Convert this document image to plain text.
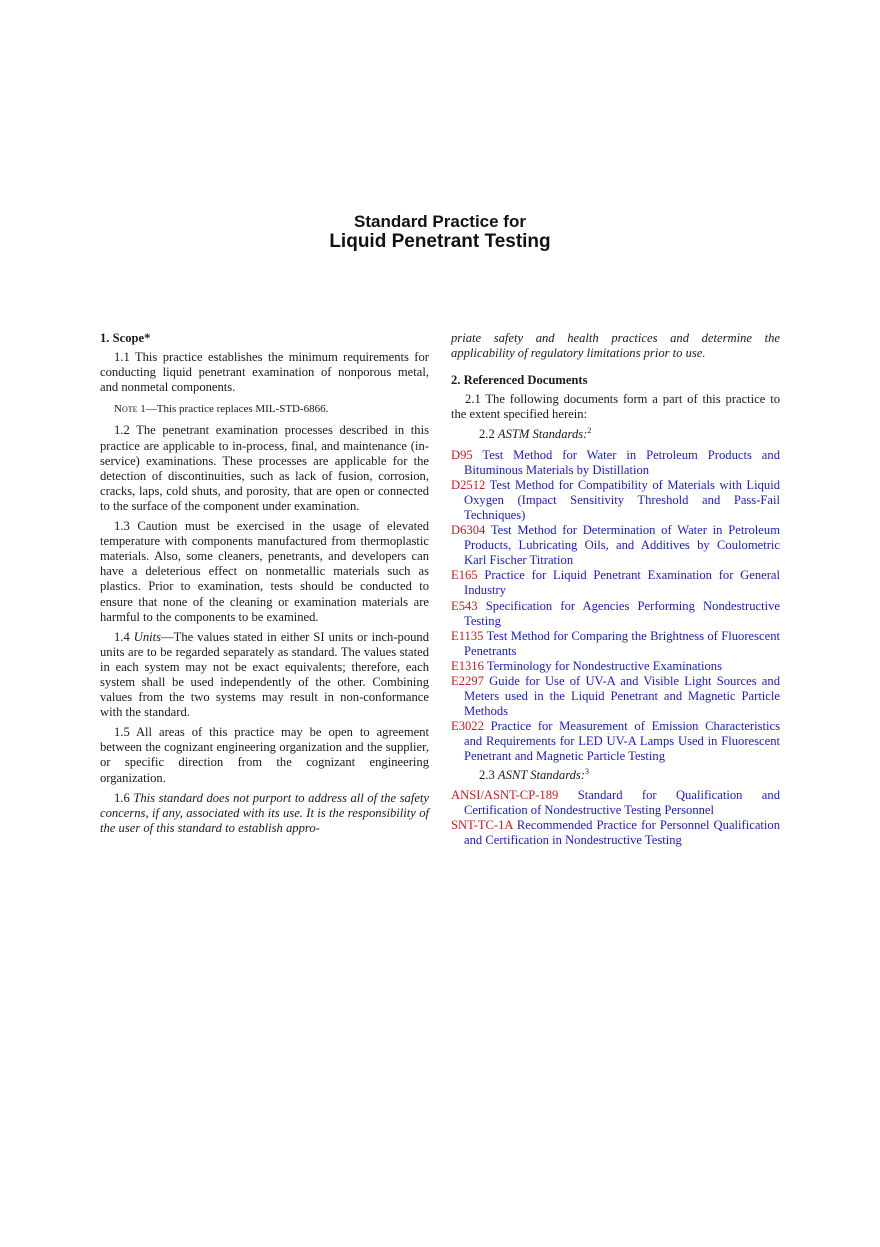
Standard Practice for
Liquid Penetrant Testing
1. Scope*

1.1 This practice establishes the minimum requirements for conducting liquid penetrant examination of nonporous metal, and nonmetal components.

Note 1—This practice replaces MIL-STD-6866.

1.2 The penetrant examination processes described in this practice are applicable to in-process, final, and maintenance (in-service) examinations. These processes are applicable for the detection of discontinuities, such as lack of fusion, corrosion, cracks, laps, cold shuts, and porosity, that are open or connected to the surface of the component under examination.

1.3 Caution must be exercised in the usage of elevated temperature with components manufactured from thermoplastic materials. Also, some cleaners, penetrants, and developers can have a deleterious effect on nonmetallic materials such as plastics. Prior to examination, tests should be conducted to ensure that none of the cleaning or examination materials are harmful to the components to be examined.

1.4 Units—The values stated in either SI units or inch-pound units are to be regarded separately as standard. The values stated in each system may not be exact equivalents; therefore, each system shall be used independently of the other. Combining values from the two systems may result in non-conformance with the standard.

1.5 All areas of this practice may be open to agreement between the cognizant engineering organization and the supplier, or specific direction from the cognizant engineering organization.

1.6 This standard does not purport to address all of the safety concerns, if any, associated with its use. It is the responsibility of the user of this standard to establish appro-

priate safety and health practices and determine the applicability of regulatory limitations prior to use.

2. Referenced Documents

2.1 The following documents form a part of this practice to the extent specified herein:

2.2 ASTM Standards:$^2$

D95 Test Method for Water in Petroleum Products and Bituminous Materials by Distillation
D2512 Test Method for Compatibility of Materials with Liquid Oxygen (Impact Sensitivity Threshold and Pass-Fail Techniques)
D6304 Test Method for Determination of Water in Petroleum Products, Lubricating Oils, and Additives by Coulometric Karl Fischer Titration
E165 Practice for Liquid Penetrant Examination for General Industry
E543 Specification for Agencies Performing Nondestructive Testing
E1135 Test Method for Comparing the Brightness of Fluorescent Penetrants
E1316 Terminology for Nondestructive Examinations
E2297 Guide for Use of UV-A and Visible Light Sources and Meters used in the Liquid Penetrant and Magnetic Particle Methods
E3022 Practice for Measurement of Emission Characteristics and Requirements for LED UV-A Lamps Used in Fluorescent Penetrant and Magnetic Particle Testing

2.3 ASNT Standards:$^3$

ANSI/ASNT-CP-189 Standard for Qualification and Certification of Nondestructive Testing Personnel
SNT-TC-1A Recommended Practice for Personnel Qualification and Certification in Nondestructive Testing
